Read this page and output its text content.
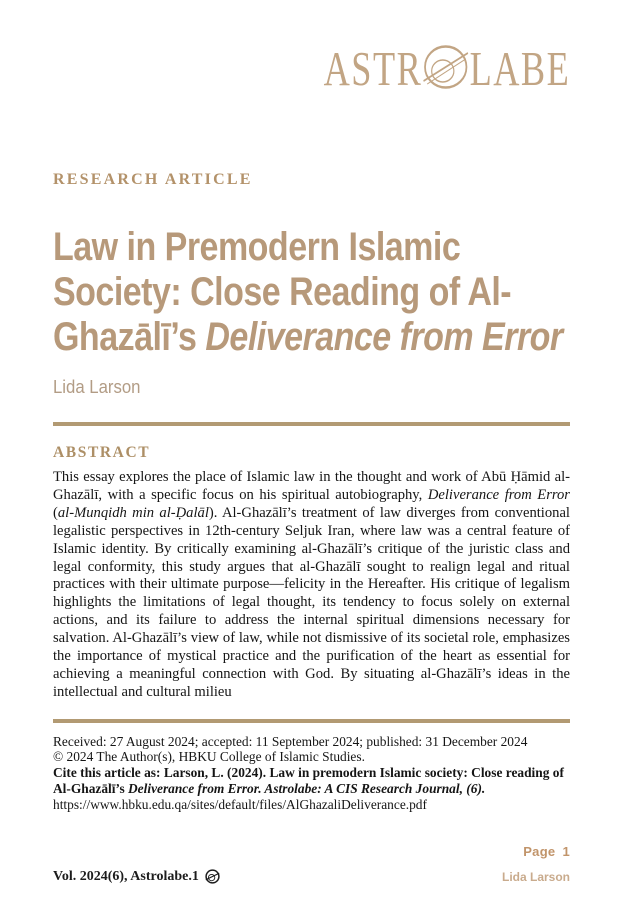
ASTR LABE
RESEARCH ARTICLE
Law in Premodern Islamic
Society: Close Reading of Al-
Ghazālī’s Deliverance from Error
Lida Larson
ABSTRACT

This essay explores the place of Islamic law in the thought and work of Abū Ḥāmid al-Ghazālī, with a specific focus on his spiritual autobiography, Deliverance from Error (al-Munqidh min al-Ḍalāl). Al-Ghazālī’s treatment of law diverges from conventional legalistic perspectives in 12th-century Seljuk Iran, where law was a central feature of Islamic identity. By critically examining al-Ghazālī’s critique of the juristic class and legal conformity, this study argues that al-Ghazālī sought to realign legal and ritual practices with their ultimate purpose—felicity in the Hereafter. His critique of legalism highlights the limitations of legal thought, its tendency to focus solely on external actions, and its failure to address the internal spiritual dimensions necessary for salvation. Al-Ghazālī’s view of law, while not dismissive of its societal role, emphasizes the importance of mystical practice and the purification of the heart as essential for achieving a meaningful connection with God. By situating al-Ghazālī’s ideas in the intellectual and cultural milieu

Received: 27 August 2024; accepted: 11 September 2024; published: 31 December 2024
© 2024 The Author(s), HBKU College of Islamic Studies.
Cite this article as: Larson, L. (2024). Law in premodern Islamic society: Close reading of
Al-Ghazālī’s Deliverance from Error. Astrolabe: A CIS Research Journal, (6).
https://www.hbku.edu.qa/sites/default/files/AlGhazaliDeliverance.pdf
Page 1
Vol. 2024(6), Astrolabe.1	Lida Larson
